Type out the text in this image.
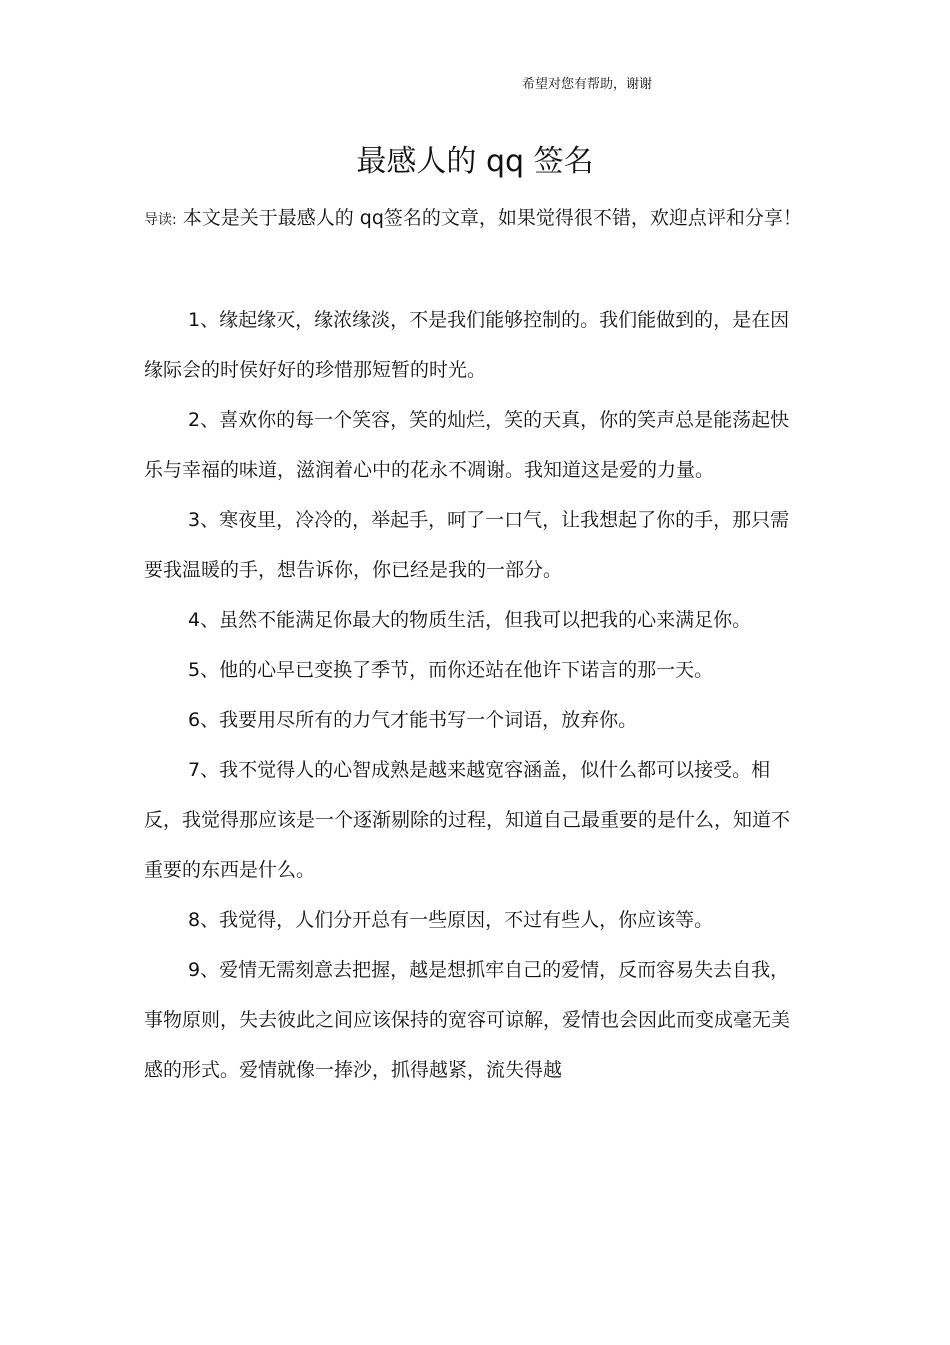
希望对您有帮助，谢谢
最感人的 qq 签名

导读: 本文是关于最感人的 qq签名的文章，如果觉得很不错，欢迎点评和分享！

1、缘起缘灭，缘浓缘淡，不是我们能够控制的。我们能做到的，是在因缘际会的时侯好好的珍惜那短暂的时光。

2、喜欢你的每一个笑容，笑的灿烂，笑的天真，你的笑声总是能荡起快乐与幸福的味道，滋润着心中的花永不凋谢。我知道这是爱的力量。

3、寒夜里，冷冷的，举起手，呵了一口气，让我想起了你的手，那只需要我温暖的手，想告诉你，你已经是我的一部分。

4、虽然不能满足你最大的物质生活，但我可以把我的心来满足你。

5、他的心早已变换了季节，而你还站在他许下诺言的那一天。

6、我要用尽所有的力气才能书写一个词语，放弃你。

7、我不觉得人的心智成熟是越来越宽容涵盖，似什么都可以接受。相反，我觉得那应该是一个逐渐剔除的过程，知道自己最重要的是什么，知道不重要的东西是什么。

8、我觉得，人们分开总有一些原因，不过有些人，你应该等。

9、爱情无需刻意去把握，越是想抓牢自己的爱情，反而容易失去自我，事物原则，失去彼此之间应该保持的宽容可谅解，爱情也会因此而变成毫无美感的形式。爱情就像一捧沙，抓得越紧，流失得越
